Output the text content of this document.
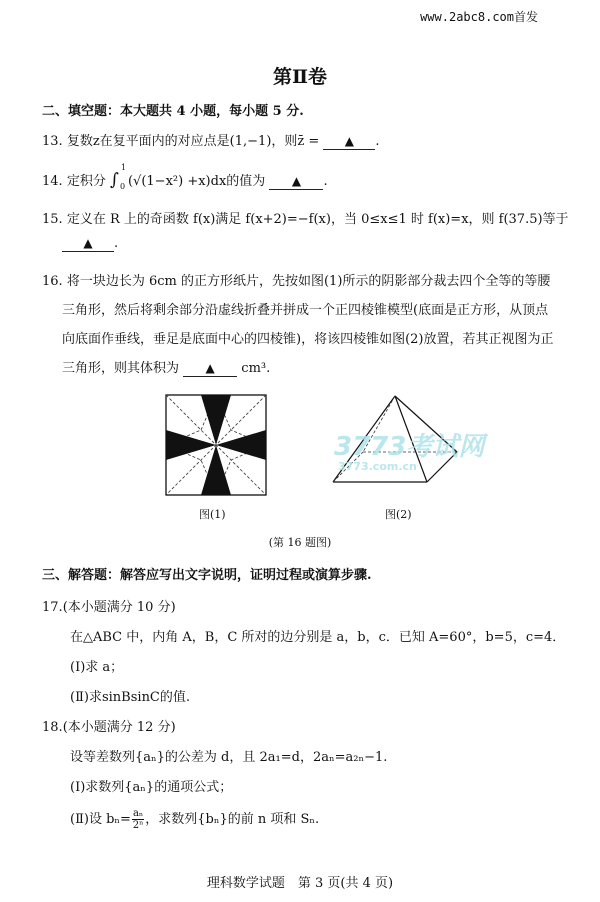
www.2abc8.com首发
第Ⅱ卷
二、填空题：本大题共 4 小题，每小题 5 分.
13. 复数z在复平面内的对应点是(1,−1)，则z̄ = ▲ .
14. 定积分 ∫
1
0 (√(1−x²) +x)dx的值为 ▲ .
15. 定义在 R 上的奇函数 f(x)满足 f(x+2)=−f(x)，当 0≤x≤1 时 f(x)=x，则 f(37.5)等于
▲ .
16. 将一块边长为 6cm 的正方形纸片，先按如图(1)所示的阴影部分裁去四个全等的等腰
三角形，然后将剩余部分沿虚线折叠并拼成一个正四棱锥模型(底面是正方形，从顶点
向底面作垂线，垂足是底面中心的四棱锥)，将该四棱锥如图(2)放置，若其正视图为正
三角形，则其体积为 ▲ cm³.
3773考试网
3773.com.cn
图(1)	图(2)
(第 16 题图)
三、解答题：解答应写出文字说明，证明过程或演算步骤.
17.(本小题满分 10 分)
在△ABC 中，内角 A，B，C 所对的边分别是 a，b，c．已知 A=60°，b=5，c=4．
(Ⅰ)求 a；
(Ⅱ)求sinBsinC的值.
18.(本小题满分 12 分)
设等差数列{aₙ}的公差为 d，且 2a₁=d，2aₙ=a₂ₙ−1.
(Ⅰ)求数列{aₙ}的通项公式；
(Ⅱ)设 $b_n= \frac{\text{aₙ}}{\text{2ⁿ}}$ ，求数列{bₙ}的前 n 项和 Sₙ.
理科数学试题　第 3 页(共 4 页)
